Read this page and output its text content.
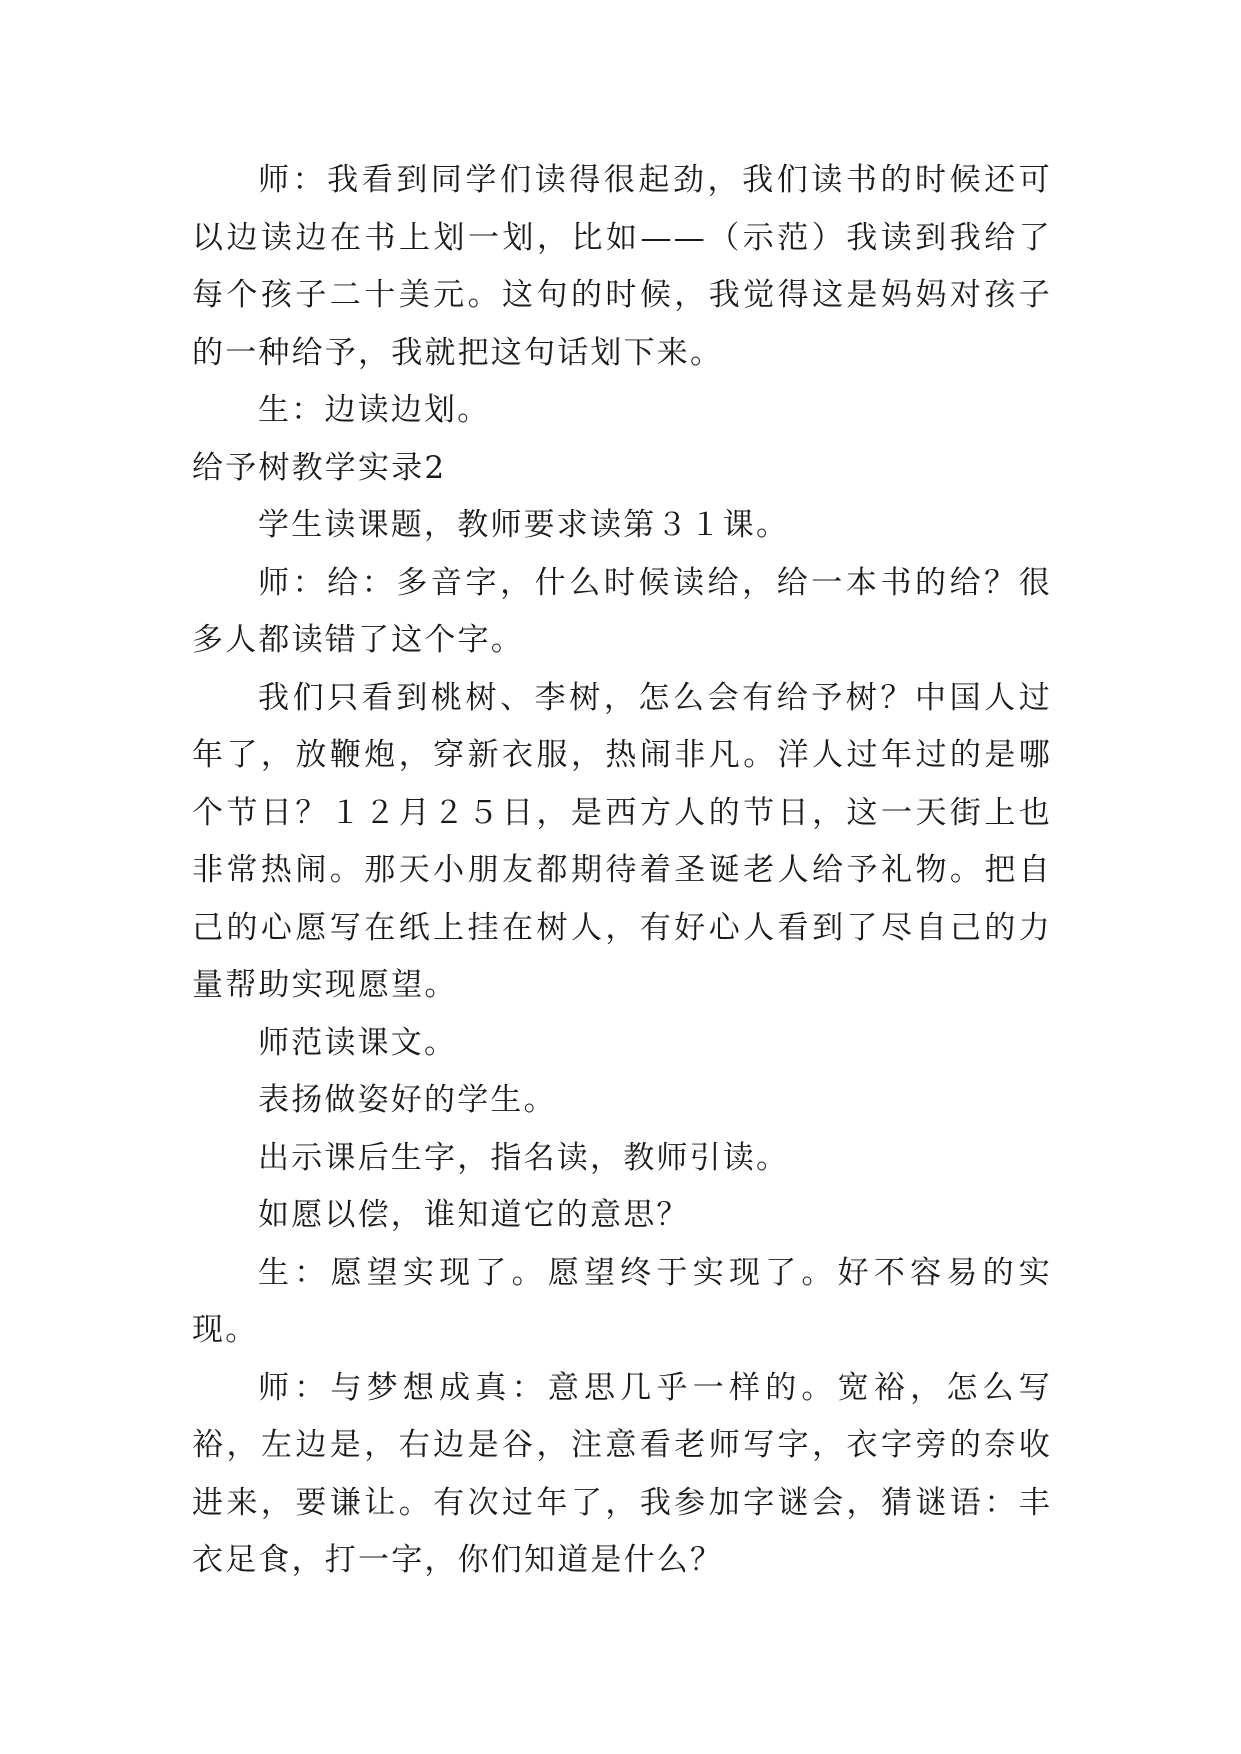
师：我看到同学们读得很起劲，我们读书的时候还可以边读边在书上划一划，比如——（示范）我读到我给了每个孩子二十美元。这句的时候，我觉得这是妈妈对孩子的一种给予，我就把这句话划下来。

生：边读边划。

给予树教学实录2

学生读课题，教师要求读第３１课。

师：给：多音字，什么时候读给，给一本书的给？很多人都读错了这个字。

我们只看到桃树、李树，怎么会有给予树？中国人过年了，放鞭炮，穿新衣服，热闹非凡。洋人过年过的是哪个节日？１２月２５日，是西方人的节日，这一天街上也非常热闹。那天小朋友都期待着圣诞老人给予礼物。把自己的心愿写在纸上挂在树人，有好心人看到了尽自己的力量帮助实现愿望。

师范读课文。

表扬做姿好的学生。

出示课后生字，指名读，教师引读。

如愿以偿，谁知道它的意思？

生：愿望实现了。愿望终于实现了。好不容易的实现。

师：与梦想成真：意思几乎一样的。宽裕，怎么写裕，左边是，右边是谷，注意看老师写字，衣字旁的奈收进来，要谦让。有次过年了，我参加字谜会，猜谜语：丰衣足食，打一字，你们知道是什么？
